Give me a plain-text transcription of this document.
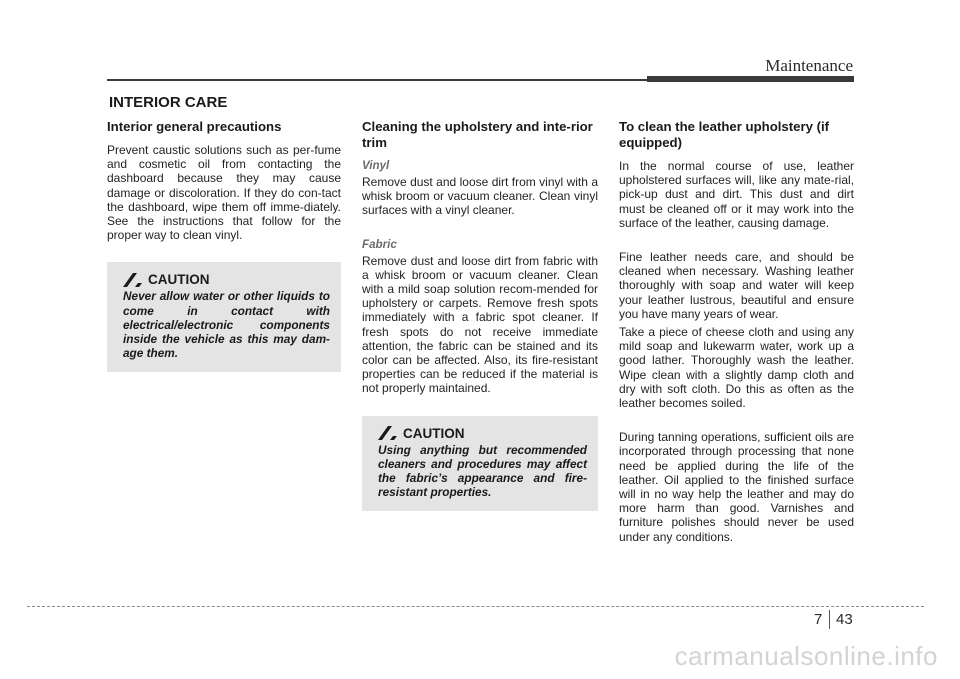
Maintenance
INTERIOR CARE
Interior general precautions

Prevent caustic solutions such as per-fume and cosmetic oil from contacting the dashboard because they may cause damage or discoloration. If they do con-tact the dashboard, wipe them off imme-diately. See the instructions that follow for the proper way to clean vinyl.

CAUTION
Never allow water or other liquids to come in contact with electrical/electronic components inside the vehicle as this may dam-age them.
Cleaning the upholstery and inte-rior trim
Vinyl

Remove dust and loose dirt from vinyl with a whisk broom or vacuum cleaner. Clean vinyl surfaces with a vinyl cleaner.

Fabric

Remove dust and loose dirt from fabric with a whisk broom or vacuum cleaner. Clean with a mild soap solution recom-mended for upholstery or carpets. Remove fresh spots immediately with a fabric spot cleaner. If fresh spots do not receive immediate attention, the fabric can be stained and its color can be affected. Also, its fire-resistant properties can be reduced if the material is not properly maintained.

CAUTION
Using anything but recommended cleaners and procedures may affect the fabric’s appearance and fire-resistant properties.
To clean the leather upholstery (if equipped)

In the normal course of use, leather upholstered surfaces will, like any mate-rial, pick-up dust and dirt. This dust and dirt must be cleaned off or it may work into the surface of the leather, causing damage.

Fine leather needs care, and should be cleaned when necessary. Washing leather thoroughly with soap and water will keep your leather lustrous, beautiful and ensure you have many years of wear.

Take a piece of cheese cloth and using any mild soap and lukewarm water, work up a good lather. Thoroughly wash the leather. Wipe clean with a slightly damp cloth and dry with soft cloth. Do this as often as the leather becomes soiled.

During tanning operations, sufficient oils are incorporated through processing that none need be applied during the life of the leather. Oil applied to the finished surface will in no way help the leather and may do more harm than good. Varnishes and furniture polishes should never be used under any conditions.

7 43
carmanualsonline.info
